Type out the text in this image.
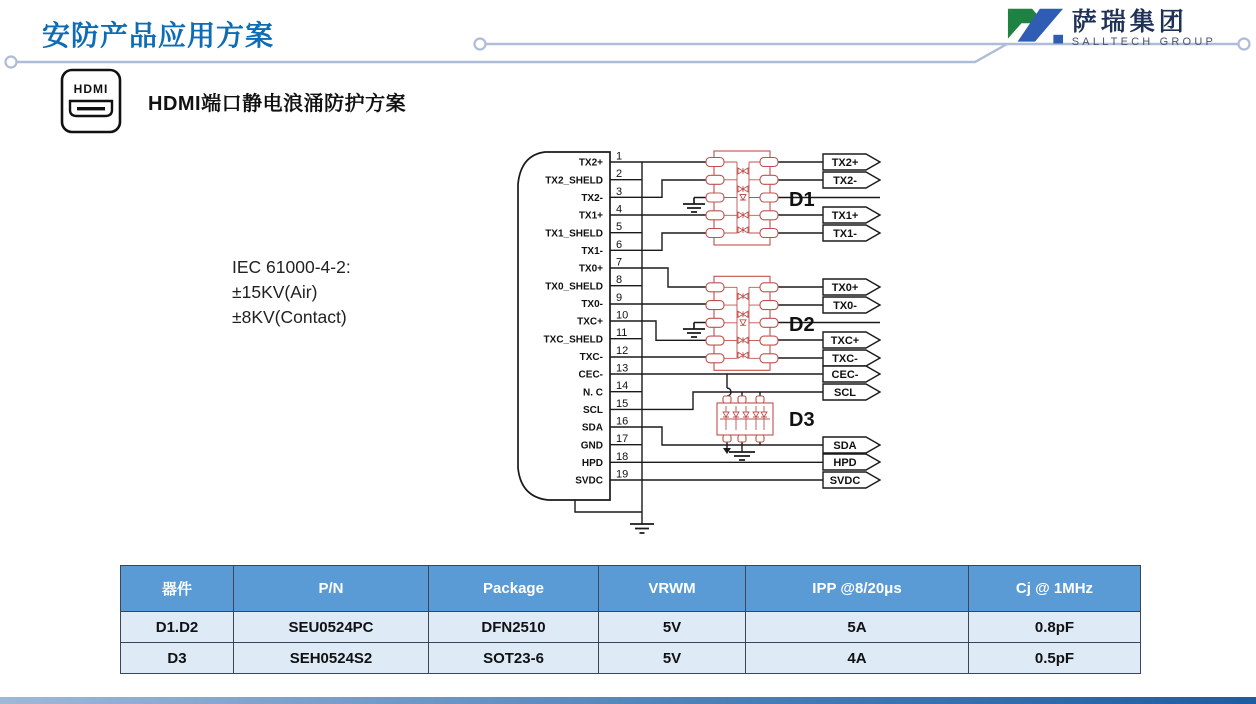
安防产品应用方案	萨瑞集团
SALLTECH GROUP
HDMI
HDMI端口静电浪涌防护方案
IEC 61000-4-2:
±15KV(Air)
±8KV(Contact)
TX2+
1
TX2_SHELD
2
TX2-
3
TX1+
4
TX1_SHELD
5
TX1-
6
TX0+
7
TX0_SHELD
8
TX0-
9
TXC+
10
TXC_SHELD
11
TXC-
12
CEC-
13
N. C
14
SCL
15
SDA
16
GND
17
HPD
18
SVDC
19
TX2+
TX2-
TX1+
TX1-
TX0+
TX0-
TXC+
TXC-
CEC-
SCL
SDA
HPD
SVDC
D1
D2
D3
器件	P/N	Package	VRWM	IPP @8/20μs	Cj @ 1MHz
D1.D2	SEU0524PC	DFN2510	5V	5A	0.8pF
D3	SEH0524S2	SOT23-6	5V	4A	0.5pF
